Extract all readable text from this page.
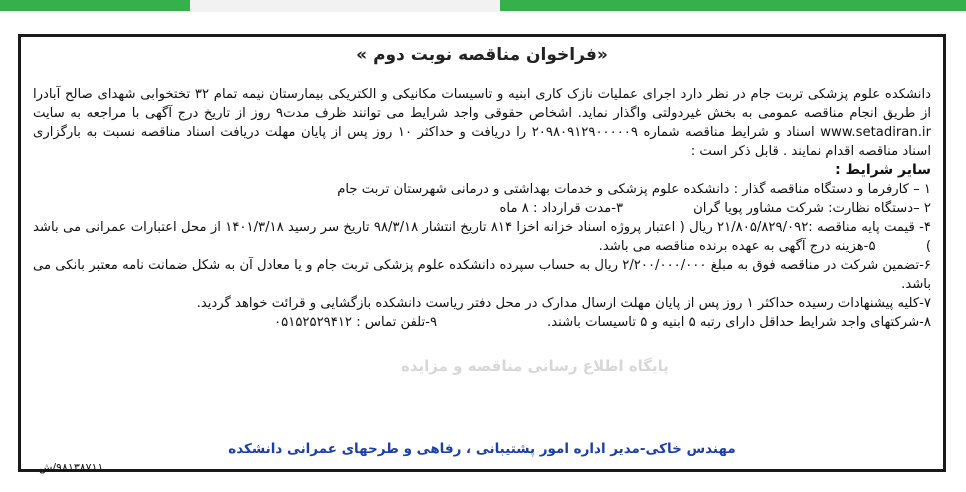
« فراخوان مناقصه نوبت دوم»

دانشکده علوم پزشکی تربت جام در نظر دارد اجرای عملیات نازک کاری ابنیه و تاسیسات مکانیکی و الکتریکی بیمارستان نیمه تمام ۳۲ تختخوابی شهدای صالح آبادرا از طریق انجام مناقصه عمومی به بخش غیردولتی واگذار نماید. اشخاص حقوقی واجد شرایط می توانند ظرف مدت۹ روز از تاریخ درج آگهی با مراجعه به سایت www.setadiran.ir اسناد و شرایط مناقصه شماره ۲۰۹۸۰۹۱۲۹۰۰۰۰۰۹ را دریافت و حداکثر ۱۰ روز پس از پایان مهلت دریافت اسناد مناقصه نسبت به بارگزاری اسناد مناقصه اقدام نمایند . قابل ذکر است :

سایر شرایط :

۱ – کارفرما و دستگاه مناقصه گذار : دانشکده علوم پزشکی و خدمات بهداشتی و درمانی شهرستان تربت جام

۲ –دستگاه نظارت: شرکت مشاور پویا گران
۳-مدت قرارداد : ۸ ماه

۴- قیمت پایه مناقصه :۲۱/۸۰۵/۸۲۹/۰۹۲ ریال ( اعتبار پروژه اسناد خزانه اخزا ۸۱۴ تاریخ انتشار ۹۸/۳/۱۸ تاریخ سر رسید ۱۴۰۱/۳/۱۸ از محل اعتبارات عمرانی می باشد )            ۵-هزینه درج آگهی به عهده برنده مناقصه می باشد.

۶-تضمین شرکت در مناقصه فوق به مبلغ ۲/۲۰۰/۰۰۰/۰۰۰ ریال به حساب سپرده دانشکده علوم پزشکی تربت جام و یا معادل آن به شکل ضمانت نامه معتبر بانکی می باشد.

۷-کلیه پیشنهادات رسیده حداکثر ۱ روز پس از پایان مهلت ارسال مدارک در محل دفتر ریاست دانشکده بازگشایی و قرائت خواهد گردید.

۸-شرکتهای واجد شرایط حداقل دارای رتبه ۵ ابنیه و ۵ تاسیسات باشند.
۹-تلفن تماس : ۰۵۱۵۲۵۲۹۴۱۲
پایگاه اطلاع رسانی مناقصه و مزایده
مهندس خاکی-مدیر اداره امور پشتیبانی ، رفاهی و طرحهای عمرانی دانشکده
۹۸۱۳۸۷۱۱/ش
